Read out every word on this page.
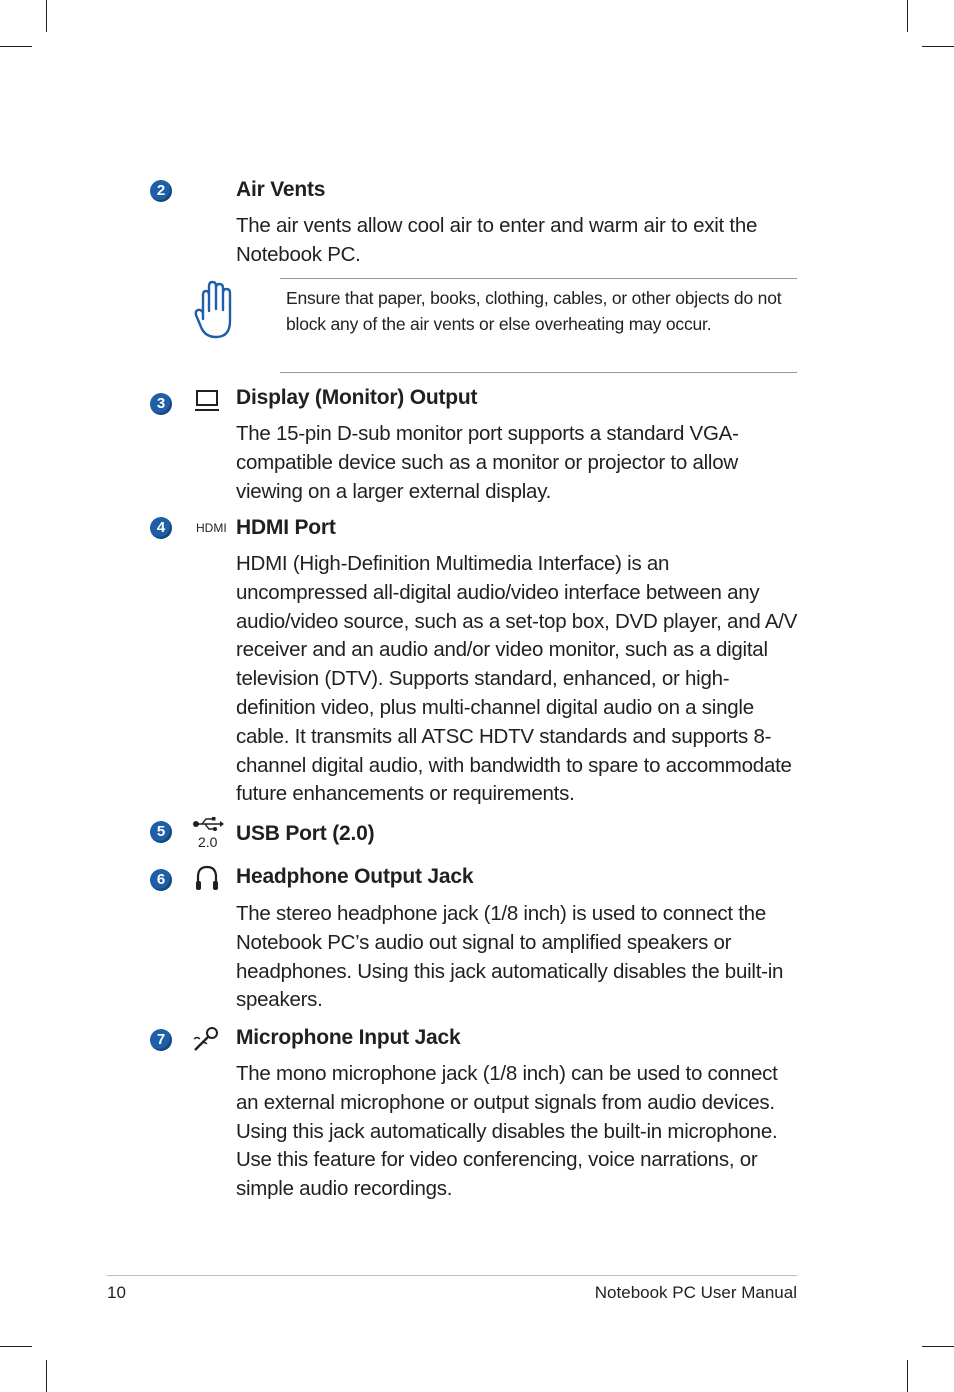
2	Air Vents
The air vents allow cool air to enter and warm air to exit the Notebook PC.
Ensure that paper, books, clothing, cables, or other objects do not block any of the air vents or else overheating may occur.
3	Display (Monitor) Output
The 15-pin D-sub monitor port supports a standard VGA-compatible device such as a monitor or projector to allow viewing on a larger external display.
4	HDMI HDMI Port
HDMI (High-Definition Multimedia Interface) is an uncompressed all-digital audio/video interface between any audio/video source, such as a set-top box, DVD player, and A/V receiver and an audio and/or video monitor, such as a digital television (DTV). Supports standard, enhanced, or high-definition video, plus multi-channel digital audio on a single cable. It transmits all ATSC HDTV standards and supports 8-channel digital audio, with bandwidth to spare to accommodate future enhancements or requirements.
5
2.0 USB Port (2.0)
6	Headphone Output Jack
The stereo headphone jack (1/8 inch) is used to connect the Notebook PC’s audio out signal to amplified speakers or headphones. Using this jack automatically disables the built-in speakers.
7	Microphone Input Jack
The mono microphone jack (1/8 inch) can be used to connect an external microphone or output signals from audio devices. Using this jack automatically disables the built-in microphone. Use this feature for video conferencing, voice narrations, or simple audio recordings.
10	Notebook PC User Manual
